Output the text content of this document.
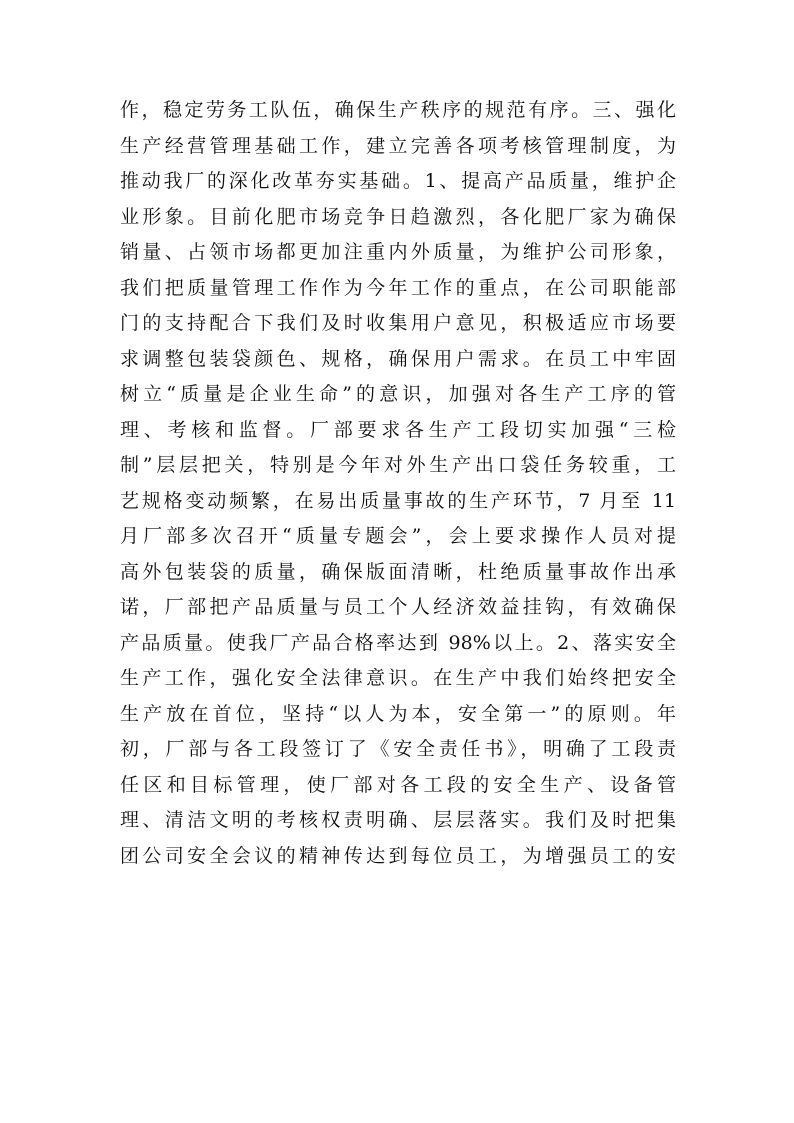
作，稳定劳务工队伍，确保生产秩序的规范有序。三、强化
生产经营管理基础工作，建立完善各项考核管理制度，为
推动我厂的深化改革夯实基础。1、提高产品质量，维护企
业形象。目前化肥市场竞争日趋激烈，各化肥厂家为确保
销量、占领市场都更加注重内外质量，为维护公司形象，
我们把质量管理工作作为今年工作的重点，在公司职能部
门的支持配合下我们及时收集用户意见，积极适应市场要
求调整包装袋颜色、规格，确保用户需求。在员工中牢固
树立“质量是企业生命”的意识，加强对各生产工序的管
理、考核和监督。厂部要求各生产工段切实加强“三检
制”层层把关，特别是今年对外生产出口袋任务较重，工
艺规格变动频繁，在易出质量事故的生产环节，7 月至 11
月厂部多次召开“质量专题会”，会上要求操作人员对提
高外包装袋的质量，确保版面清晰，杜绝质量事故作出承
诺，厂部把产品质量与员工个人经济效益挂钩，有效确保
产品质量。使我厂产品合格率达到 98%以上。2、落实安全
生产工作，强化安全法律意识。在生产中我们始终把安全
生产放在首位，坚持“以人为本，安全第一”的原则。年
初，厂部与各工段签订了《安全责任书》，明确了工段责
任区和目标管理，使厂部对各工段的安全生产、设备管
理、清洁文明的考核权责明确、层层落实。我们及时把集
团公司安全会议的精神传达到每位员工，为增强员工的安
